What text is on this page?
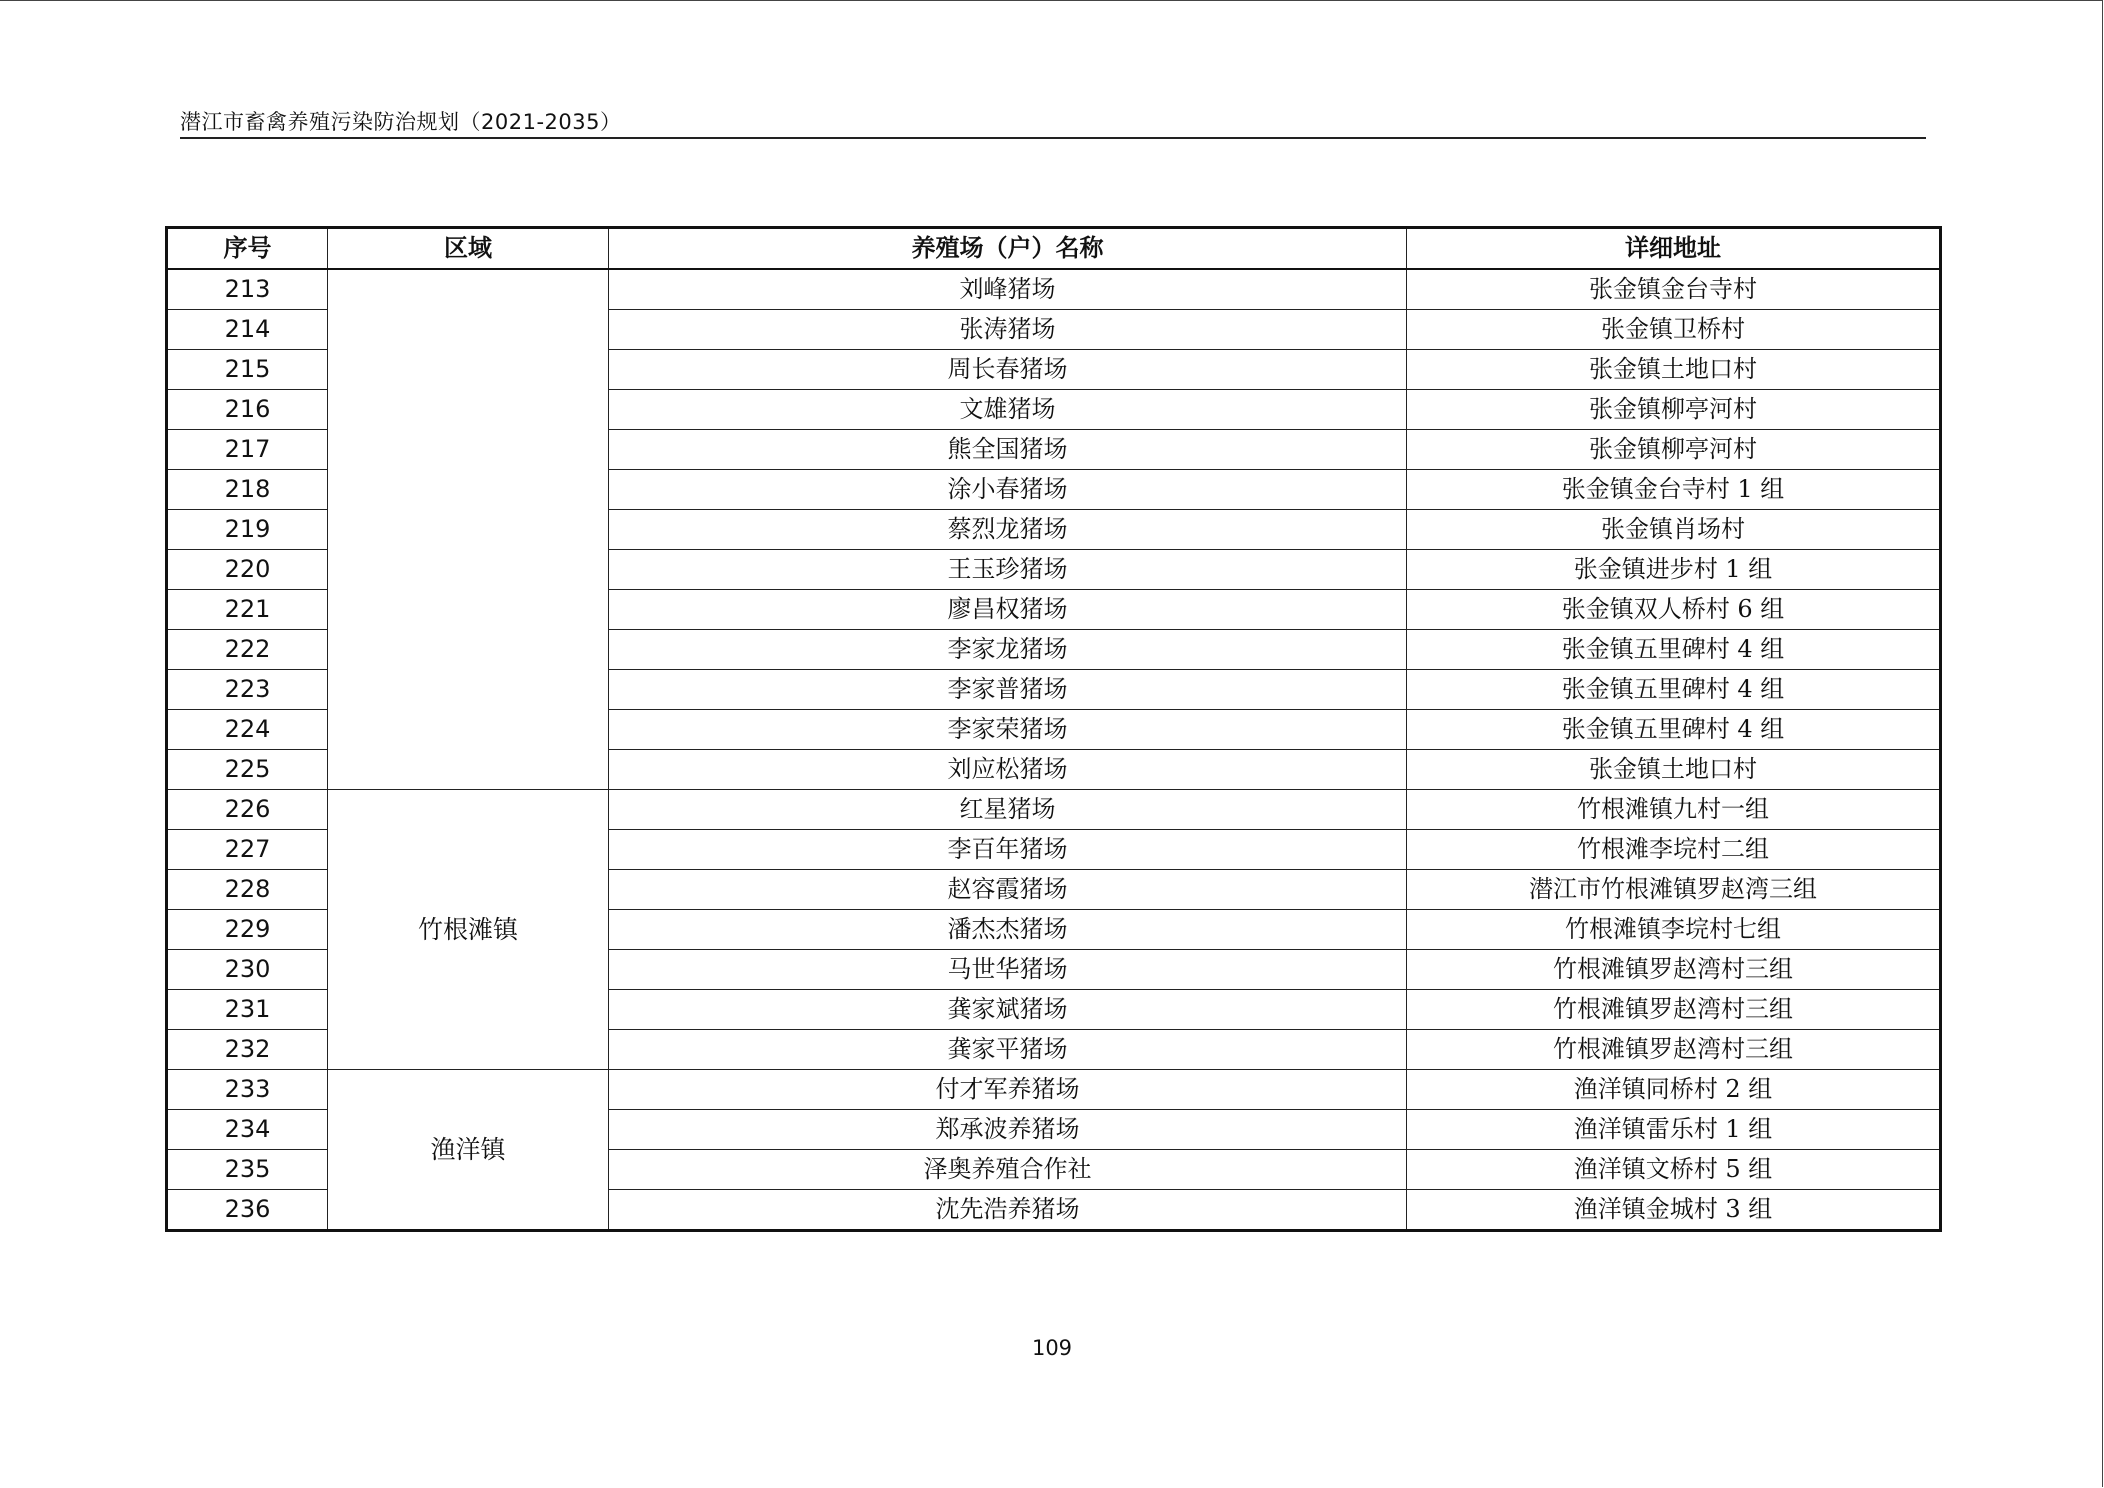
潜江市畜禽养殖污染防治规划（2021-2035）
序号	区域	养殖场（户）名称	详细地址
213		刘峰猪场	张金镇金台寺村
214		张涛猪场	张金镇卫桥村
215		周长春猪场	张金镇土地口村
216		文雄猪场	张金镇柳亭河村
217		熊全国猪场	张金镇柳亭河村
218		涂小春猪场	张金镇金台寺村 1 组
219		蔡烈龙猪场	张金镇肖场村
220		王玉珍猪场	张金镇进步村 1 组
221		廖昌权猪场	张金镇双人桥村 6 组
222		李家龙猪场	张金镇五里碑村 4 组
223		李家普猪场	张金镇五里碑村 4 组
224		李家荣猪场	张金镇五里碑村 4 组
225		刘应松猪场	张金镇土地口村
226	竹根滩镇	红星猪场	竹根滩镇九村一组
227		李百年猪场	竹根滩李垸村二组
228		赵容霞猪场	潜江市竹根滩镇罗赵湾三组
229		潘杰杰猪场	竹根滩镇李垸村七组
230		马世华猪场	竹根滩镇罗赵湾村三组
231		龚家斌猪场	竹根滩镇罗赵湾村三组
232		龚家平猪场	竹根滩镇罗赵湾村三组
233	渔洋镇	付才军养猪场	渔洋镇同桥村 2 组
234		郑承波养猪场	渔洋镇雷乐村 1 组
235		泽奥养殖合作社	渔洋镇文桥村 5 组
236		沈先浩养猪场	渔洋镇金城村 3 组
109
